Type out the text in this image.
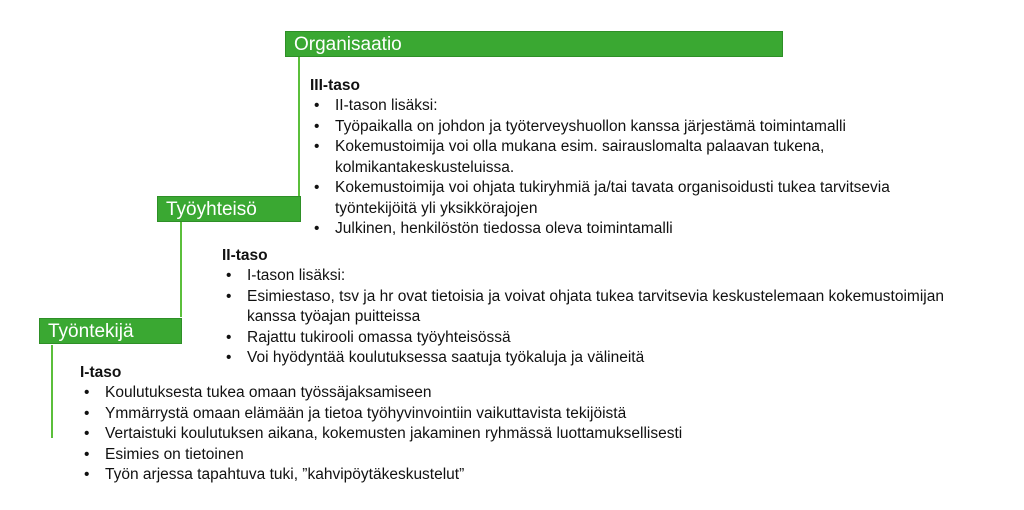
Organisaatio
Työyhteisö
Työntekijä
III-taso
• II-tason lisäksi:
• Työpaikalla on johdon ja työterveyshuollon kanssa järjestämä toimintamalli
• Kokemustoimija voi olla mukana esim. sairauslomalta palaavan tukena, kolmikantakeskusteluissa.
• Kokemustoimija voi ohjata tukiryhmiä ja/tai tavata organisoidusti tukea tarvitsevia työntekijöitä yli yksikkörajojen
• Julkinen, henkilöstön tiedossa oleva toimintamalli
II-taso
• I-tason lisäksi:
• Esimiestaso, tsv ja hr ovat tietoisia ja voivat ohjata tukea tarvitsevia keskustelemaan kokemustoimijan kanssa työajan puitteissa
• Rajattu tukirooli omassa työyhteisössä
• Voi hyödyntää koulutuksessa saatuja työkaluja ja välineitä
I-taso
• Koulutuksesta tukea omaan työssäjaksamiseen
• Ymmärrystä omaan elämään ja tietoa työhyvinvointiin vaikuttavista tekijöistä
• Vertaistuki koulutuksen aikana, kokemusten jakaminen ryhmässä luottamuksellisesti
• Esimies on tietoinen
• Työn arjessa tapahtuva tuki, ”kahvipöytäkeskustelut”
